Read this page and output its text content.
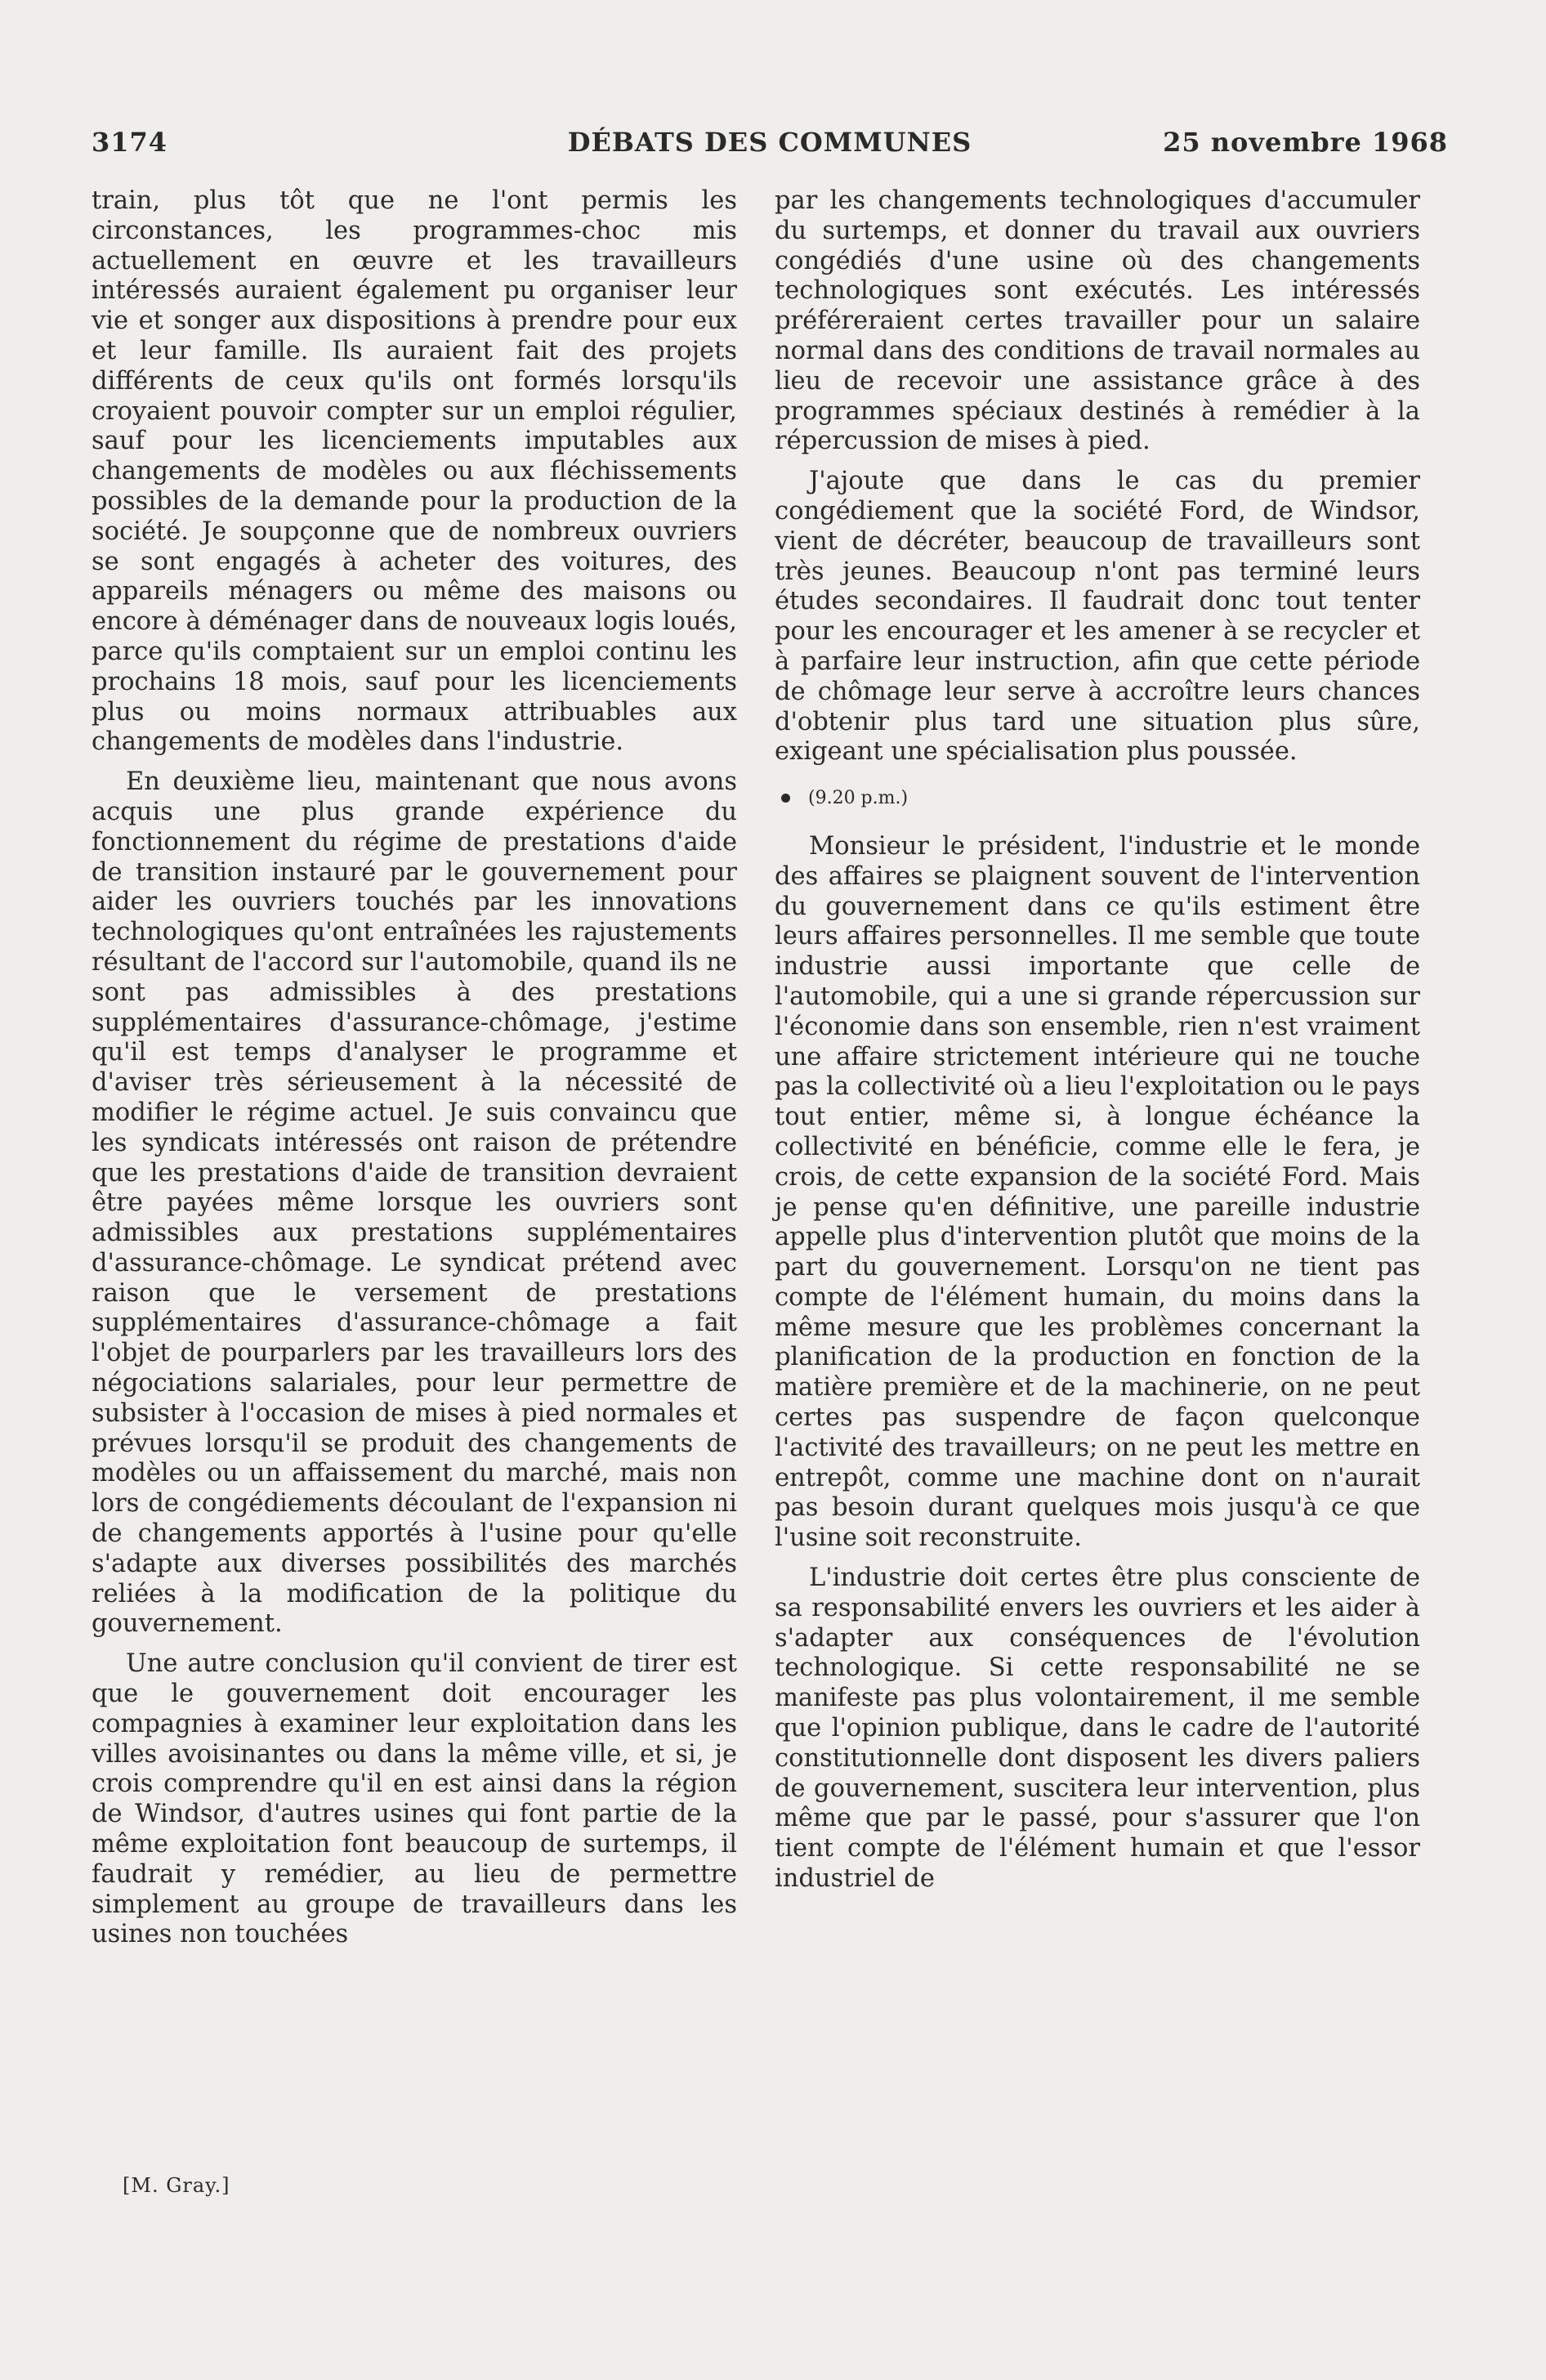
3174	DÉBATS DES COMMUNES	25 novembre 1968

train, plus tôt que ne l'ont permis les circonstances, les programmes-choc mis actuellement en œuvre et les travailleurs intéressés auraient également pu organiser leur vie et songer aux dispositions à prendre pour eux et leur famille. Ils auraient fait des projets différents de ceux qu'ils ont formés lorsqu'ils croyaient pouvoir compter sur un emploi régulier, sauf pour les licenciements imputables aux changements de modèles ou aux fléchissements possibles de la demande pour la production de la société. Je soupçonne que de nombreux ouvriers se sont engagés à acheter des voitures, des appareils ménagers ou même des maisons ou encore à déménager dans de nouveaux logis loués, parce qu'ils comptaient sur un emploi continu les prochains 18 mois, sauf pour les licenciements plus ou moins normaux attribuables aux changements de modèles dans l'industrie.

En deuxième lieu, maintenant que nous avons acquis une plus grande expérience du fonctionnement du régime de prestations d'aide de transition instauré par le gouvernement pour aider les ouvriers touchés par les innovations technologiques qu'ont entraînées les rajustements résultant de l'accord sur l'automobile, quand ils ne sont pas admissibles à des prestations supplémentaires d'assurance-chômage, j'estime qu'il est temps d'analyser le programme et d'aviser très sérieusement à la nécessité de modifier le régime actuel. Je suis convaincu que les syndicats intéressés ont raison de prétendre que les prestations d'aide de transition devraient être payées même lorsque les ouvriers sont admissibles aux prestations supplémentaires d'assurance-chômage. Le syndicat prétend avec raison que le versement de prestations supplémentaires d'assurance-chômage a fait l'objet de pourparlers par les travailleurs lors des négociations salariales, pour leur permettre de subsister à l'occasion de mises à pied normales et prévues lorsqu'il se produit des changements de modèles ou un affaissement du marché, mais non lors de congédiements découlant de l'expansion ni de changements apportés à l'usine pour qu'elle s'adapte aux diverses possibilités des marchés reliées à la modification de la politique du gouvernement.

Une autre conclusion qu'il convient de tirer est que le gouvernement doit encourager les compagnies à examiner leur exploitation dans les villes avoisinantes ou dans la même ville, et si, je crois comprendre qu'il en est ainsi dans la région de Windsor, d'autres usines qui font partie de la même exploitation font beaucoup de surtemps, il faudrait y remédier, au lieu de permettre simplement au groupe de travailleurs dans les usines non touchées

par les changements technologiques d'accumuler du surtemps, et donner du travail aux ouvriers congédiés d'une usine où des changements technologiques sont exécutés. Les intéressés préféreraient certes travailler pour un salaire normal dans des conditions de travail normales au lieu de recevoir une assistance grâce à des programmes spéciaux destinés à remédier à la répercussion de mises à pied.

J'ajoute que dans le cas du premier congédiement que la société Ford, de Windsor, vient de décréter, beaucoup de travailleurs sont très jeunes. Beaucoup n'ont pas terminé leurs études secondaires. Il faudrait donc tout tenter pour les encourager et les amener à se recycler et à parfaire leur instruction, afin que cette période de chômage leur serve à accroître leurs chances d'obtenir plus tard une situation plus sûre, exigeant une spécialisation plus poussée.

(9.20 p.m.)

Monsieur le président, l'industrie et le monde des affaires se plaignent souvent de l'intervention du gouvernement dans ce qu'ils estiment être leurs affaires personnelles. Il me semble que toute industrie aussi importante que celle de l'automobile, qui a une si grande répercussion sur l'économie dans son ensemble, rien n'est vraiment une affaire strictement intérieure qui ne touche pas la collectivité où a lieu l'exploitation ou le pays tout entier, même si, à longue échéance la collectivité en bénéficie, comme elle le fera, je crois, de cette expansion de la société Ford. Mais je pense qu'en définitive, une pareille industrie appelle plus d'intervention plutôt que moins de la part du gouvernement. Lorsqu'on ne tient pas compte de l'élément humain, du moins dans la même mesure que les problèmes concernant la planification de la production en fonction de la matière première et de la machinerie, on ne peut certes pas suspendre de façon quelconque l'activité des travailleurs; on ne peut les mettre en entrepôt, comme une machine dont on n'aurait pas besoin durant quelques mois jusqu'à ce que l'usine soit reconstruite.

L'industrie doit certes être plus consciente de sa responsabilité envers les ouvriers et les aider à s'adapter aux conséquences de l'évolution technologique. Si cette responsabilité ne se manifeste pas plus volontairement, il me semble que l'opinion publique, dans le cadre de l'autorité constitutionnelle dont disposent les divers paliers de gouvernement, suscitera leur intervention, plus même que par le passé, pour s'assurer que l'on tient compte de l'élément humain et que l'essor industriel de

[M. Gray.]
